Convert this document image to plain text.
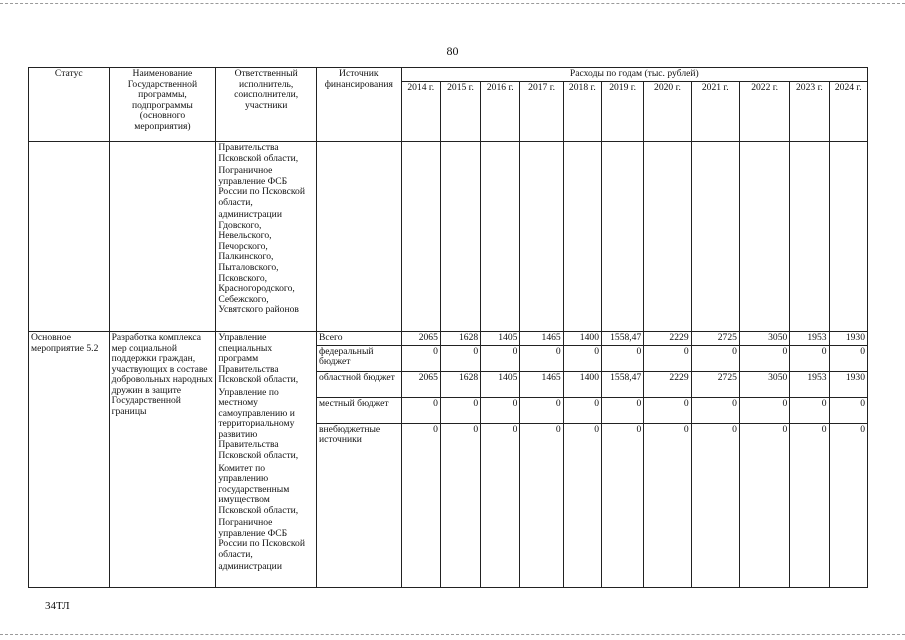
80
Статус	Наименование Государственной программы, подпрограммы (основного мероприятия)	Ответственный исполнитель, соисполнители, участники	Источник финансирования	Расходы по годам (тыс. рублей)										
				2014 г.	2015 г.	2016 г.	2017 г.	2018 г.	2019 г.	2020 г.	2021 г.	2022 г.	2023 г.	2024 г.

		Правительства Псковской области,
Пограничное управление ФСБ России по Псковской области,
администрации Гдовского, Невельского, Печорского, Палкинского, Пыталовского, Псковского, Красногородского, Себежского, Усвятского районов												

Основное мероприятие 5.2	Разработка комплекса мер социальной поддержки граждан, участвующих в составе добровольных народных дружин в защите Государственной границы	Управление специальных программ Правительства Псковской области,
Управление по местному самоуправлению и территориальному развитию Правительства Псковской области,
Комитет по управлению государственным имуществом Псковской области,
Пограничное управление ФСБ России по Псковской области,
администрации	Всего	2065	1628	1405	1465	1400	1558,47	2229	2725	3050	1953	1930
			федеральный бюджет	0	0	0	0	0	0	0	0	0	0	0
			областной бюджет	2065	1628	1405	1465	1400	1558,47	2229	2725	3050	1953	1930
			местный бюджет	0	0	0	0	0	0	0	0	0	0	0
			внебюджетные источники	0	0	0	0	0	0	0	0	0	0	0
34ТЛ
